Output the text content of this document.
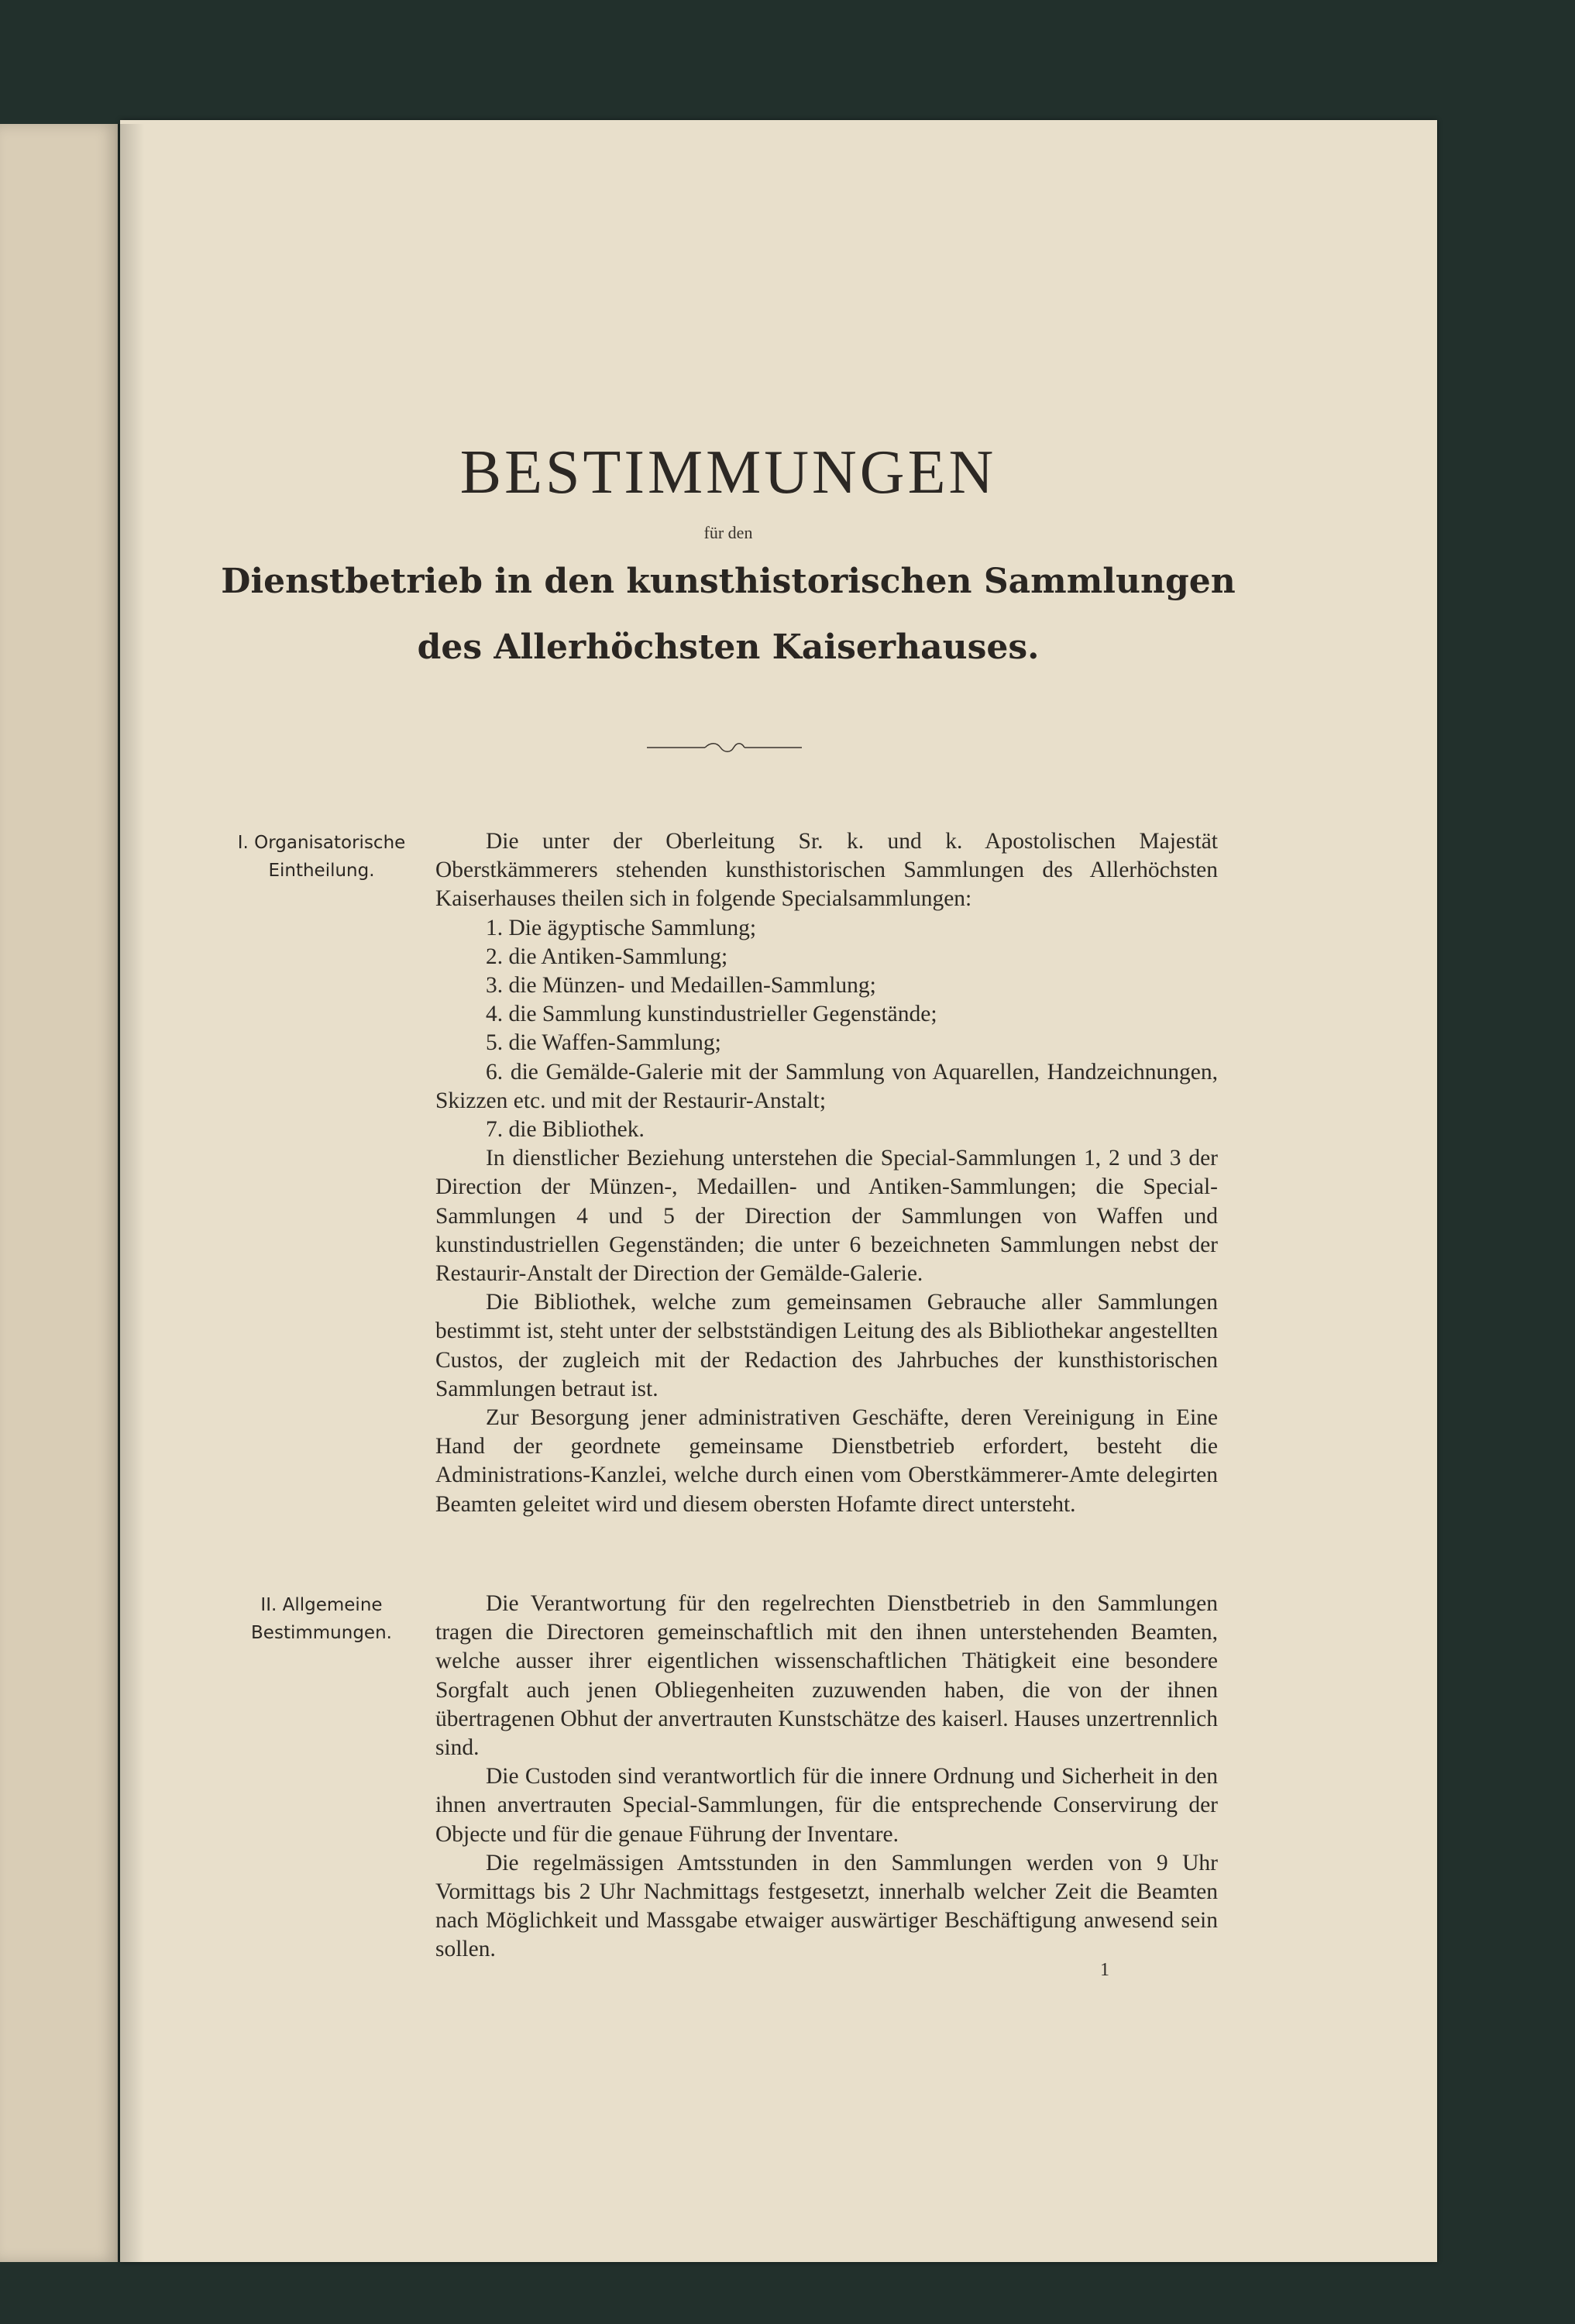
BESTIMMUNGEN
für den
Dienstbetrieb in den kunsthistorischen Sammlungen
des Allerhöchsten Kaiserhauses.
I. Organisatorische
Eintheilung.

Die unter der Oberleitung Sr. k. und k. Apostolischen Majestät Oberstkämmerers stehenden kunsthistorischen Sammlungen des Allerhöchsten Kaiserhauses theilen sich in folgende Specialsammlungen:

1. Die ägyptische Sammlung;

2. die Antiken-Sammlung;

3. die Münzen- und Medaillen-Sammlung;

4. die Sammlung kunstindustrieller Gegenstände;

5. die Waffen-Sammlung;

6. die Gemälde-Galerie mit der Sammlung von Aquarellen, Handzeichnungen, Skizzen etc. und mit der Restaurir-Anstalt;

7. die Bibliothek.

In dienstlicher Beziehung unterstehen die Special-Sammlungen 1, 2 und 3 der Direction der Münzen-, Medaillen- und Antiken-Sammlungen; die Special-Sammlungen 4 und 5 der Direction der Sammlungen von Waffen und kunstindustriellen Gegenständen; die unter 6 bezeichneten Sammlungen nebst der Restaurir-Anstalt der Direction der Gemälde-Galerie.

Die Bibliothek, welche zum gemeinsamen Gebrauche aller Sammlungen bestimmt ist, steht unter der selbstständigen Leitung des als Bibliothekar angestellten Custos, der zugleich mit der Redaction des Jahrbuches der kunsthistorischen Sammlungen betraut ist.

Zur Besorgung jener administrativen Geschäfte, deren Vereinigung in Eine Hand der geordnete gemeinsame Dienstbetrieb erfordert, besteht die Administrations-Kanzlei, welche durch einen vom Oberstkämmerer-Amte delegirten Beamten geleitet wird und diesem obersten Hofamte direct untersteht.

II. Allgemeine
Bestimmungen.

Die Verantwortung für den regelrechten Dienstbetrieb in den Sammlungen tragen die Directoren gemeinschaftlich mit den ihnen unterstehenden Beamten, welche ausser ihrer eigentlichen wissenschaftlichen Thätigkeit eine besondere Sorgfalt auch jenen Obliegenheiten zuzuwenden haben, die von der ihnen übertragenen Obhut der anvertrauten Kunstschätze des kaiserl. Hauses unzertrennlich sind.

Die Custoden sind verantwortlich für die innere Ordnung und Sicherheit in den ihnen anvertrauten Special-Sammlungen, für die entsprechende Conservirung der Objecte und für die genaue Führung der Inventare.

Die regelmässigen Amtsstunden in den Sammlungen werden von 9 Uhr Vormittags bis 2 Uhr Nachmittags festgesetzt, innerhalb welcher Zeit die Beamten nach Möglichkeit und Massgabe etwaiger auswärtiger Beschäftigung anwesend sein sollen.

1
